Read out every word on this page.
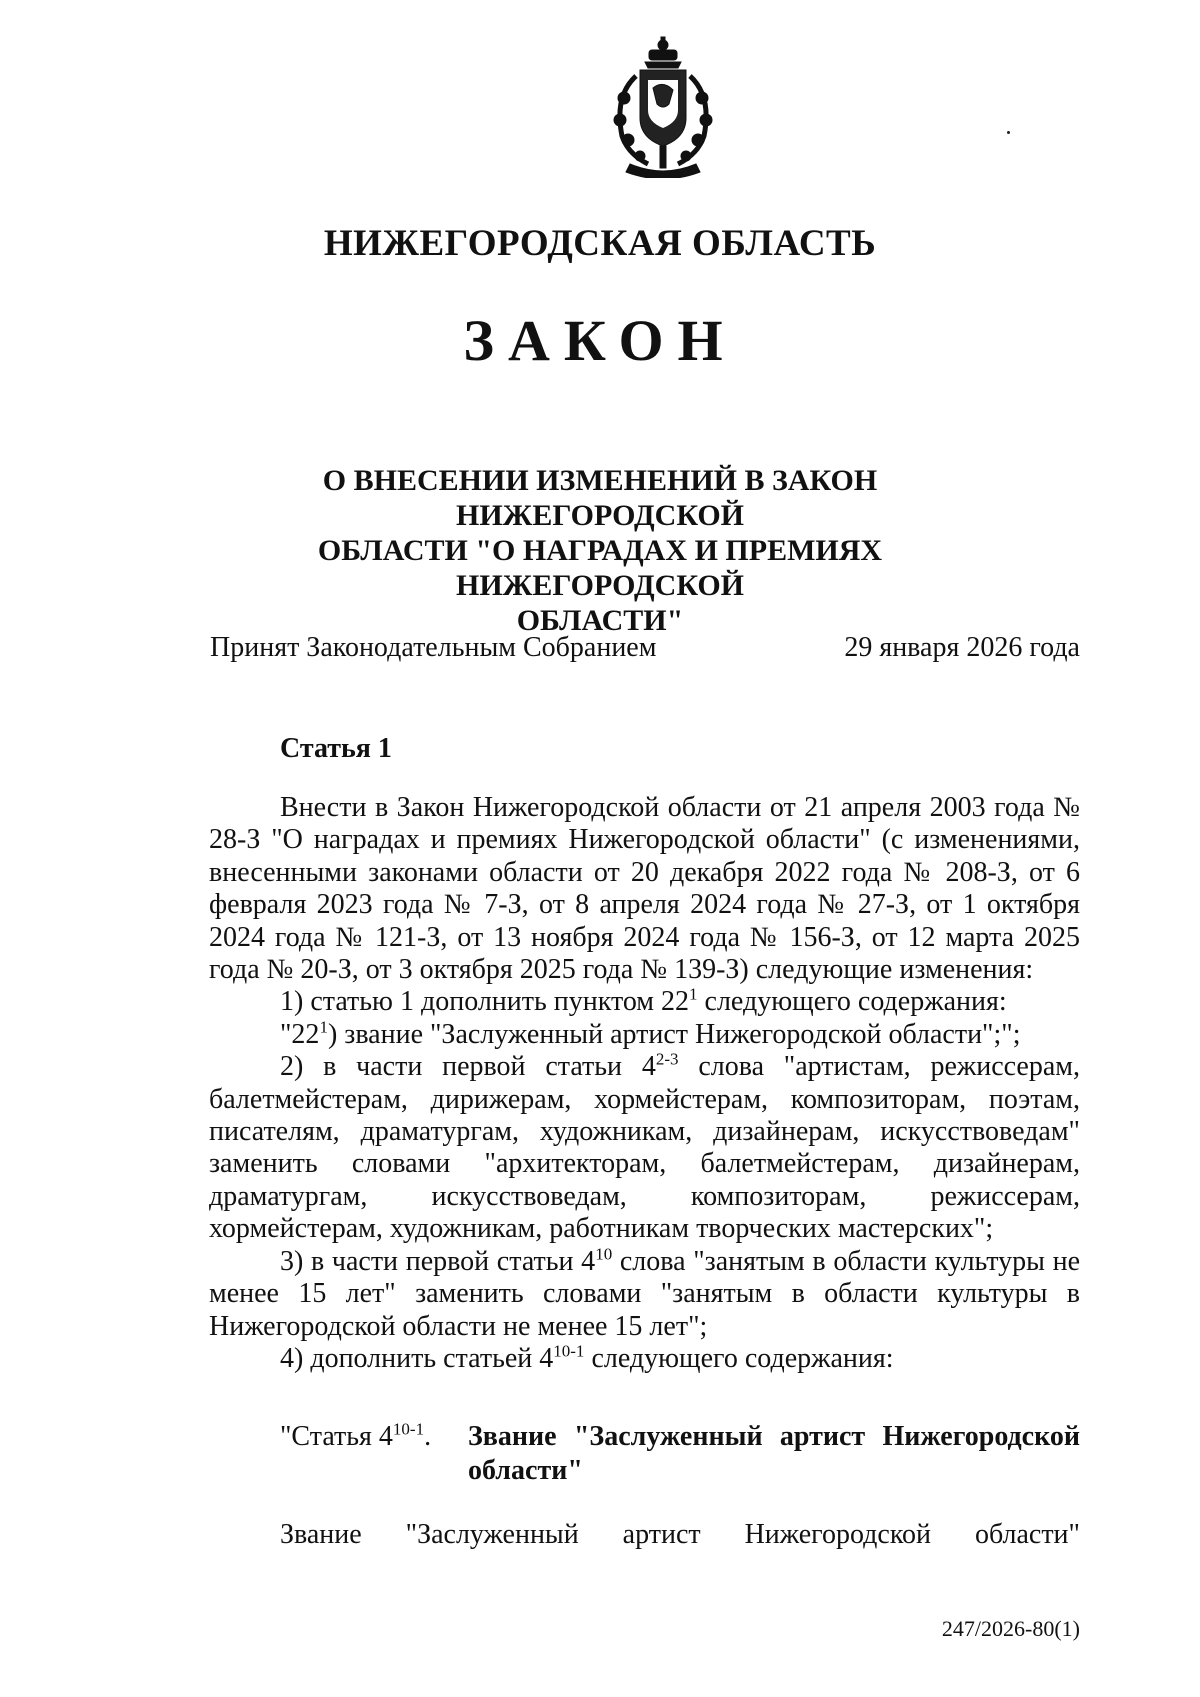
НИЖЕГОРОДСКАЯ ОБЛАСТЬ
ЗАКОН
О ВНЕСЕНИИ ИЗМЕНЕНИЙ В ЗАКОН НИЖЕГОРОДСКОЙ
ОБЛАСТИ "О НАГРАДАХ И ПРЕМИЯХ НИЖЕГОРОДСКОЙ
ОБЛАСТИ"
Принят Законодательным Собранием	29 января 2026 года
Статья 1

Внести в Закон Нижегородской области от 21 апреля 2003 года № 28-З "О наградах и премиях Нижегородской области" (с изменениями, внесенными законами области от 20 декабря 2022 года № 208-З, от 6 февраля 2023 года № 7-З, от 8 апреля 2024 года № 27-З, от 1 октября 2024 года № 121-З, от 13 ноября 2024 года № 156-З, от 12 марта 2025 года № 20-З, от 3 октября 2025 года № 139-З) следующие изменения:

1) статью 1 дополнить пунктом $22^1$ следующего содержания:

"$22^1$) звание "Заслуженный артист Нижегородской области";";

2) в части первой статьи 4$^{2-3}$ слова "артистам, режиссерам, балетмейстерам, дирижерам, хормейстерам, композиторам, поэтам, писателям, драматургам, художникам, дизайнерам, искусствоведам" заменить словами "архитекторам, балетмейстерам, дизайнерам, драматургам, искусствоведам, композиторам, режиссерам, хормейстерам, художникам, работникам творческих мастерских";

3) в части первой статьи $4^{10}$ слова "занятым в области культуры не менее 15 лет" заменить словами "занятым в области культуры в Нижегородской области не менее 15 лет";

4) дополнить статьей 4$^{10-1}$ следующего содержания:

"Статья 4$^{10-1}$. Звание "Заслуженный артист Нижегородской области"
Звание "Заслуженный артист Нижегородской области"
247/2026-80(1)
